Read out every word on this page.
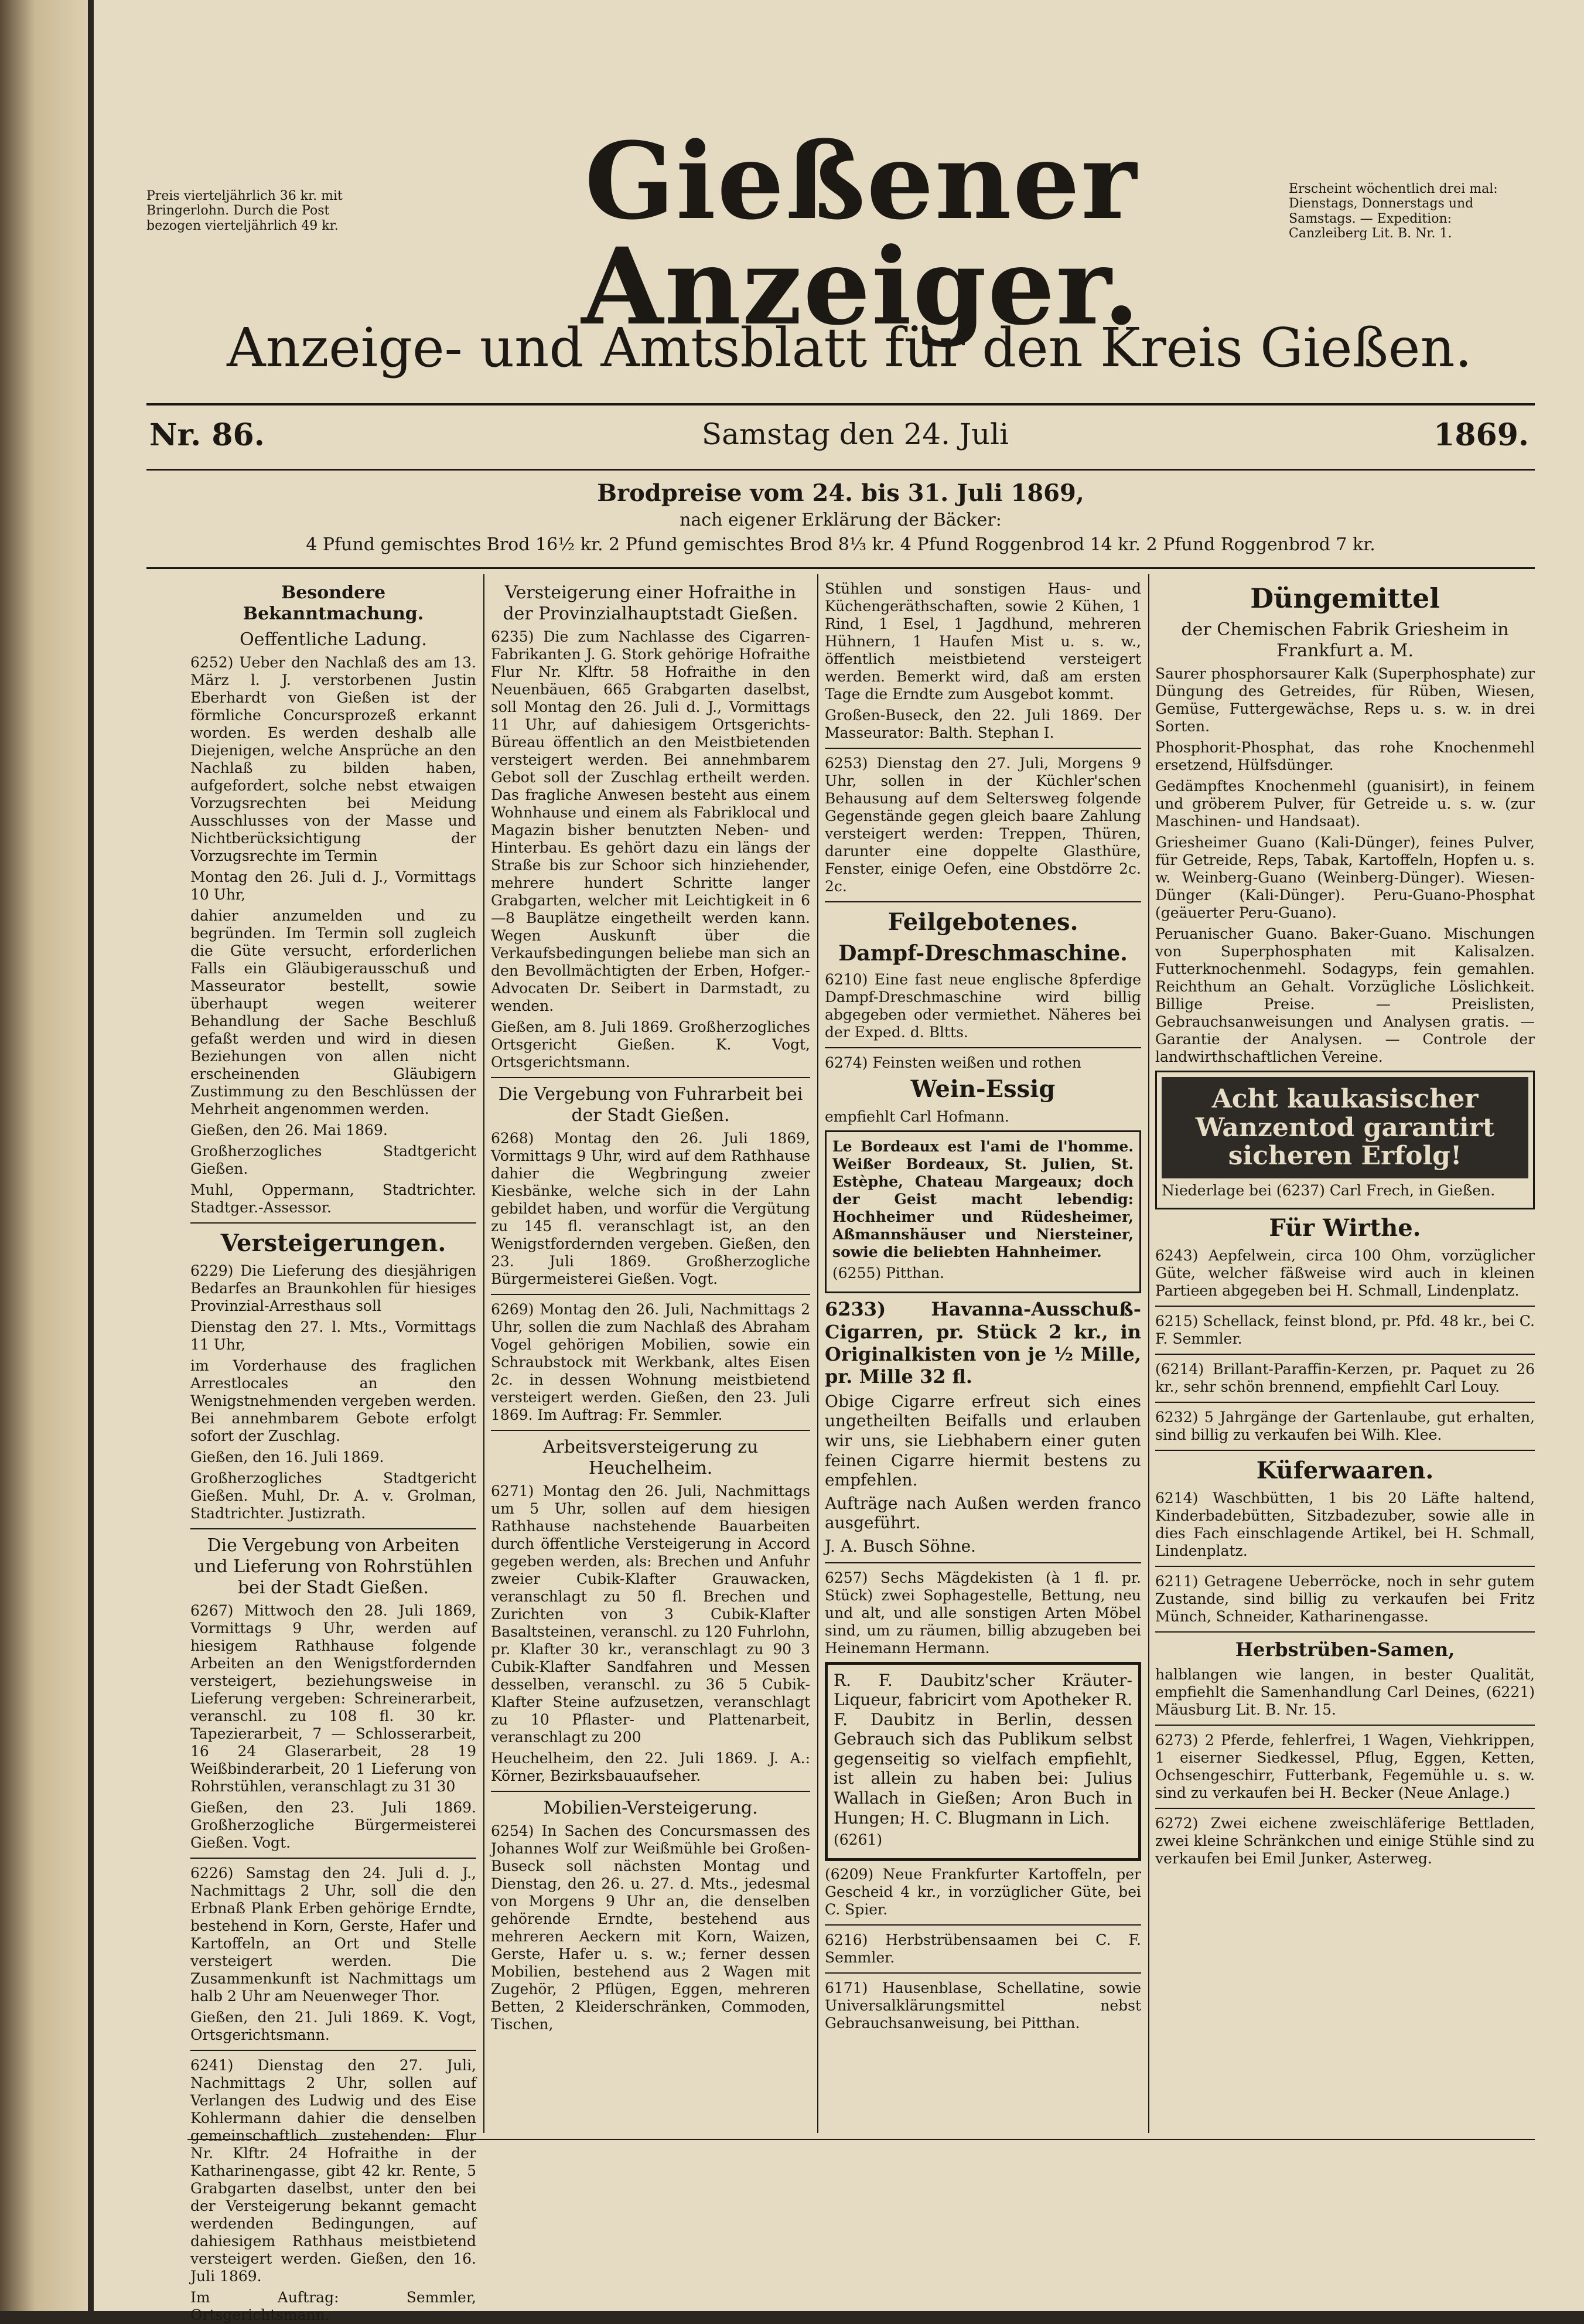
Preis vierteljährlich 36 kr. mit Bringerlohn. Durch die Post bezogen vierteljährlich 49 kr.	Gießener Anzeiger.
Erscheint wöchentlich drei mal: Dienstags, Donnerstags und Samstags. — Expedition: Canzleiberg Lit. B. Nr. 1.
Anzeige- und Amtsblatt für den Kreis Gießen.
Nr. 86.	Samstag den 24. Juli	1869.
Brodpreise vom 24. bis 31. Juli 1869,
nach eigener Erklärung der Bäcker:
4 Pfund gemischtes Brod 16½ kr. 2 Pfund gemischtes Brod 8⅓ kr. 4 Pfund Roggenbrod 14 kr. 2 Pfund Roggenbrod 7 kr.
Besondere Bekanntmachung.
Oeffentliche Ladung.

6252) Ueber den Nachlaß des am 13. März l. J. verstorbenen Justin Eberhardt von Gießen ist der förmliche Concursprozeß erkannt worden. Es werden deshalb alle Diejenigen, welche Ansprüche an den Nachlaß zu bilden haben, aufgefordert, solche nebst etwaigen Vorzugsrechten bei Meidung Ausschlusses von der Masse und Nichtberücksichtigung der Vorzugsrechte im Termin

Montag den 26. Juli d. J., Vormittags 10 Uhr,

dahier anzumelden und zu begründen. Im Termin soll zugleich die Güte versucht, erforderlichen Falls ein Gläubigerausschuß und Masseurator bestellt, sowie überhaupt wegen weiterer Behandlung der Sache Beschluß gefaßt werden und wird in diesen Beziehungen von allen nicht erscheinenden Gläubigern Zustimmung zu den Beschlüssen der Mehrheit angenommen werden.

Gießen, den 26. Mai 1869.

Großherzogliches Stadtgericht Gießen.

Muhl, Oppermann, Stadtrichter. Stadtger.-Assessor.

Versteigerungen.

6229) Die Lieferung des diesjährigen Bedarfes an Braunkohlen für hiesiges Provinzial-Arresthaus soll

Dienstag den 27. l. Mts., Vormittags 11 Uhr,

im Vorderhause des fraglichen Arrestlocales an den Wenigstnehmenden vergeben werden. Bei annehmbarem Gebote erfolgt sofort der Zuschlag.

Gießen, den 16. Juli 1869.

Großherzogliches Stadtgericht Gießen. Muhl, Dr. A. v. Grolman, Stadtrichter. Justizrath.

Die Vergebung von Arbeiten und Lieferung von Rohrstühlen bei der Stadt Gießen.

6267) Mittwoch den 28. Juli 1869, Vormittags 9 Uhr, werden auf hiesigem Rathhause folgende Arbeiten an den Wenigstfordernden versteigert, beziehungsweise in Lieferung vergeben: Schreinerarbeit, veranschl. zu 108 fl. 30 kr. Tapezierarbeit, 7 — Schlosserarbeit, 16 24 Glaserarbeit, 28 19 Weißbinderarbeit, 20 1 Lieferung von Rohrstühlen, veranschlagt zu 31 30

Gießen, den 23. Juli 1869. Großherzogliche Bürgermeisterei Gießen. Vogt.

6226) Samstag den 24. Juli d. J., Nachmittags 2 Uhr, soll die den Erbnaß Plank Erben gehörige Erndte, bestehend in Korn, Gerste, Hafer und Kartoffeln, an Ort und Stelle versteigert werden. Die Zusammenkunft ist Nachmittags um halb 2 Uhr am Neuenweger Thor.

Gießen, den 21. Juli 1869. K. Vogt, Ortsgerichtsmann.

6241) Dienstag den 27. Juli, Nachmittags 2 Uhr, sollen auf Verlangen des Ludwig und des Eise Kohlermann dahier die denselben gemeinschaftlich zustehenden: Flur Nr. Klftr. 24 Hofraithe in der Katharinengasse, gibt 42 kr. Rente, 5 Grabgarten daselbst, unter den bei der Versteigerung bekannt gemacht werdenden Bedingungen, auf dahiesigem Rathhaus meistbietend versteigert werden. Gießen, den 16. Juli 1869.

Im Auftrag: Semmler, Ortsgerichtsmann.

Versteigerung einer Hofraithe in der Provinzialhauptstadt Gießen.

6235) Die zum Nachlasse des Cigarren-Fabrikanten J. G. Stork gehörige Hofraithe Flur Nr. Klftr. 58 Hofraithe in den Neuenbäuen, 665 Grabgarten daselbst, soll Montag den 26. Juli d. J., Vormittags 11 Uhr, auf dahiesigem Ortsgerichts-Büreau öffentlich an den Meistbietenden versteigert werden. Bei annehmbarem Gebot soll der Zuschlag ertheilt werden. Das fragliche Anwesen besteht aus einem Wohnhause und einem als Fabriklocal und Magazin bisher benutzten Neben- und Hinterbau. Es gehört dazu ein längs der Straße bis zur Schoor sich hinziehender, mehrere hundert Schritte langer Grabgarten, welcher mit Leichtigkeit in 6—8 Bauplätze eingetheilt werden kann. Wegen Auskunft über die Verkaufsbedingungen beliebe man sich an den Bevollmächtigten der Erben, Hofger.-Advocaten Dr. Seibert in Darmstadt, zu wenden.

Gießen, am 8. Juli 1869. Großherzogliches Ortsgericht Gießen. K. Vogt, Ortsgerichtsmann.

Die Vergebung von Fuhrarbeit bei der Stadt Gießen.

6268) Montag den 26. Juli 1869, Vormittags 9 Uhr, wird auf dem Rathhause dahier die Wegbringung zweier Kiesbänke, welche sich in der Lahn gebildet haben, und worfür die Vergütung zu 145 fl. veranschlagt ist, an den Wenigstfordernden vergeben. Gießen, den 23. Juli 1869. Großherzogliche Bürgermeisterei Gießen. Vogt.

6269) Montag den 26. Juli, Nachmittags 2 Uhr, sollen die zum Nachlaß des Abraham Vogel gehörigen Mobilien, sowie ein Schraubstock mit Werkbank, altes Eisen 2c. in dessen Wohnung meistbietend versteigert werden. Gießen, den 23. Juli 1869. Im Auftrag: Fr. Semmler.

Arbeitsversteigerung zu Heuchelheim.

6271) Montag den 26. Juli, Nachmittags um 5 Uhr, sollen auf dem hiesigen Rathhause nachstehende Bauarbeiten durch öffentliche Versteigerung in Accord gegeben werden, als: Brechen und Anfuhr zweier Cubik-Klafter Grauwacken, veranschlagt zu 50 fl. Brechen und Zurichten von 3 Cubik-Klafter Basaltsteinen, veranschl. zu 120 Fuhrlohn, pr. Klafter 30 kr., veranschlagt zu 90 3 Cubik-Klafter Sandfahren und Messen desselben, veranschl. zu 36 5 Cubik-Klafter Steine aufzusetzen, veranschlagt zu 10 Pflaster- und Plattenarbeit, veranschlagt zu 200

Heuchelheim, den 22. Juli 1869. J. A.: Körner, Bezirksbauaufseher.

Mobilien-Versteigerung.

6254) In Sachen des Concursmassen des Johannes Wolf zur Weißmühle bei Großen-Buseck soll nächsten Montag und Dienstag, den 26. u. 27. d. Mts., jedesmal von Morgens 9 Uhr an, die denselben gehörende Erndte, bestehend aus mehreren Aeckern mit Korn, Waizen, Gerste, Hafer u. s. w.; ferner dessen Mobilien, bestehend aus 2 Wagen mit Zugehör, 2 Pflügen, Eggen, mehreren Betten, 2 Kleiderschränken, Commoden, Tischen,

Stühlen und sonstigen Haus- und Küchengeräthschaften, sowie 2 Kühen, 1 Rind, 1 Esel, 1 Jagdhund, mehreren Hühnern, 1 Haufen Mist u. s. w., öffentlich meistbietend versteigert werden. Bemerkt wird, daß am ersten Tage die Erndte zum Ausgebot kommt.

Großen-Buseck, den 22. Juli 1869. Der Masseurator: Balth. Stephan I.

6253) Dienstag den 27. Juli, Morgens 9 Uhr, sollen in der Küchler'schen Behausung auf dem Seltersweg folgende Gegenstände gegen gleich baare Zahlung versteigert werden: Treppen, Thüren, darunter eine doppelte Glasthüre, Fenster, einige Oefen, eine Obstdörre 2c. 2c.

Feilgebotenes.
Dampf-Dreschmaschine.

6210) Eine fast neue englische 8pferdige Dampf-Dreschmaschine wird billig abgegeben oder vermiethet. Näheres bei der Exped. d. Bltts.

6274) Feinsten weißen und rothen

Wein-Essig

empfiehlt Carl Hofmann.

Le Bordeaux est l'ami de l'homme. Weißer Bordeaux, St. Julien, St. Estèphe, Chateau Margeaux; doch der Geist macht lebendig: Hochheimer und Rüdesheimer, Aßmannshäuser und Niersteiner, sowie die beliebten Hahnheimer.

(6255) Pitthan.

6233) Havanna-Ausschuß-Cigarren, pr. Stück 2 kr., in Originalkisten von je ½ Mille, pr. Mille 32 fl.

Obige Cigarre erfreut sich eines ungetheilten Beifalls und erlauben wir uns, sie Liebhabern einer guten feinen Cigarre hiermit bestens zu empfehlen.

Aufträge nach Außen werden franco ausgeführt.

J. A. Busch Söhne.

6257) Sechs Mägdekisten (à 1 fl. pr. Stück) zwei Sophagestelle, Bettung, neu und alt, und alle sonstigen Arten Möbel sind, um zu räumen, billig abzugeben bei Heinemann Hermann.

R. F. Daubitz'scher Kräuter-Liqueur, fabricirt vom Apotheker R. F. Daubitz in Berlin, dessen Gebrauch sich das Publikum selbst gegenseitig so vielfach empfiehlt, ist allein zu haben bei: Julius Wallach in Gießen; Aron Buch in Hungen; H. C. Blugmann in Lich.

(6261)

(6209) Neue Frankfurter Kartoffeln, per Gescheid 4 kr., in vorzüglicher Güte, bei C. Spier.

6216) Herbstrübensaamen bei C. F. Semmler.

6171) Hausenblase, Schellatine, sowie Universalklärungsmittel nebst Gebrauchsanweisung, bei Pitthan.

Düngemittel
der Chemischen Fabrik Griesheim in Frankfurt a. M.

Saurer phosphorsaurer Kalk (Superphosphate) zur Düngung des Getreides, für Rüben, Wiesen, Gemüse, Futtergewächse, Reps u. s. w. in drei Sorten.

Phosphorit-Phosphat, das rohe Knochenmehl ersetzend, Hülfsdünger.

Gedämpftes Knochenmehl (guanisirt), in feinem und gröberem Pulver, für Getreide u. s. w. (zur Maschinen- und Handsaat).

Griesheimer Guano (Kali-Dünger), feines Pulver, für Getreide, Reps, Tabak, Kartoffeln, Hopfen u. s. w. Weinberg-Guano (Weinberg-Dünger). Wiesen-Dünger (Kali-Dünger). Peru-Guano-Phosphat (geäuerter Peru-Guano).

Peruanischer Guano. Baker-Guano. Mischungen von Superphosphaten mit Kalisalzen. Futterknochenmehl. Sodagyps, fein gemahlen. Reichthum an Gehalt. Vorzügliche Löslichkeit. Billige Preise. — Preislisten, Gebrauchsanweisungen und Analysen gratis. — Garantie der Analysen. — Controle der landwirthschaftlichen Vereine.

Acht kaukasischer Wanzentod garantirt sicheren Erfolg!

Niederlage bei (6237) Carl Frech, in Gießen.

Für Wirthe.

6243) Aepfelwein, circa 100 Ohm, vorzüglicher Güte, welcher fäßweise wird auch in kleinen Partieen abgegeben bei H. Schmall, Lindenplatz.

6215) Schellack, feinst blond, pr. Pfd. 48 kr., bei C. F. Semmler.

(6214) Brillant-Paraffin-Kerzen, pr. Paquet zu 26 kr., sehr schön brennend, empfiehlt Carl Louy.

6232) 5 Jahrgänge der Gartenlaube, gut erhalten, sind billig zu verkaufen bei Wilh. Klee.

Küferwaaren.

6214) Waschbütten, 1 bis 20 Läfte haltend, Kinderbadebütten, Sitzbadezuber, sowie alle in dies Fach einschlagende Artikel, bei H. Schmall, Lindenplatz.

6211) Getragene Ueberröcke, noch in sehr gutem Zustande, sind billig zu verkaufen bei Fritz Münch, Schneider, Katharinengasse.

Herbstrüben-Samen,

halblangen wie langen, in bester Qualität, empfiehlt die Samenhandlung Carl Deines, (6221) Mäusburg Lit. B. Nr. 15.

6273) 2 Pferde, fehlerfrei, 1 Wagen, Viehkrippen, 1 eiserner Siedkessel, Pflug, Eggen, Ketten, Ochsengeschirr, Futterbank, Fegemühle u. s. w. sind zu verkaufen bei H. Becker (Neue Anlage.)

6272) Zwei eichene zweischläferige Bettladen, zwei kleine Schränkchen und einige Stühle sind zu verkaufen bei Emil Junker, Asterweg.
